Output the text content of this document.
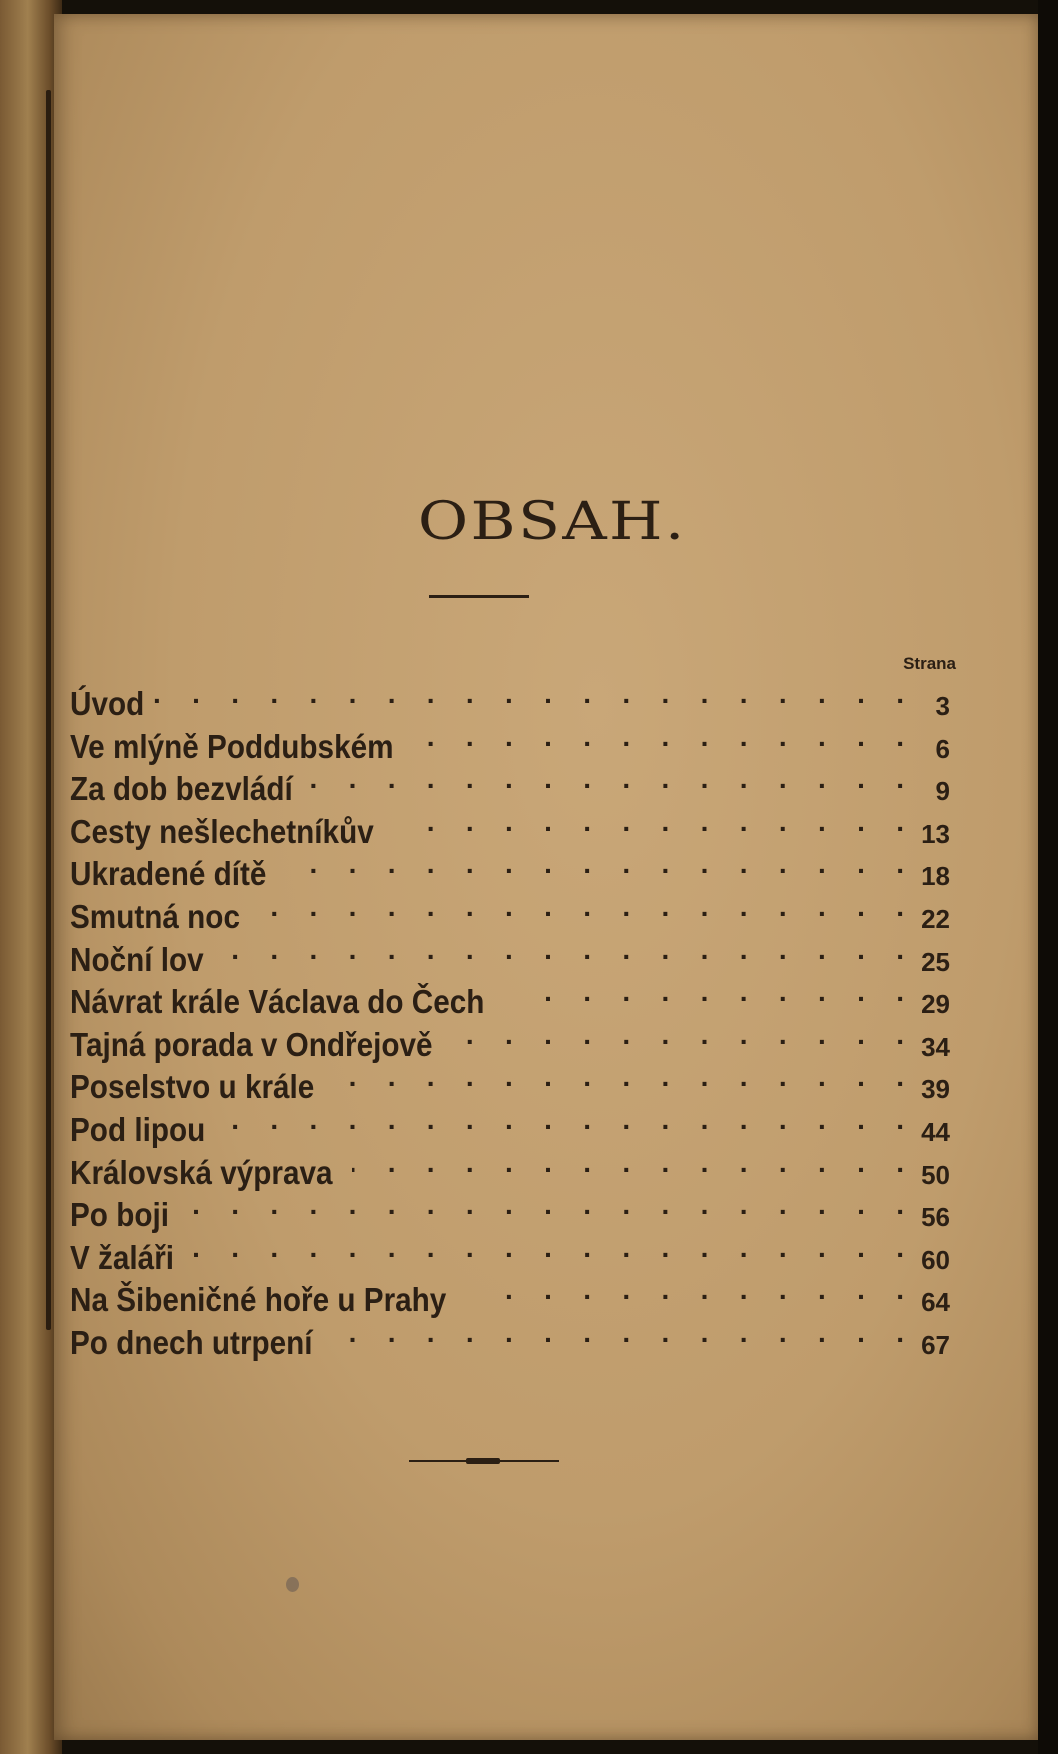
OBSAH.
Strana
Úvod . .	3
Ve mlýně Poddubském . .	6
Za dob bezvládí . .	9
Cesty nešlechetníkův . .	13
Ukradené dítě . .	18
Smutná noc . .	22
Noční lov . .	25
Návrat krále Václava do Čech . .	29
Tajná porada v Ondřejově . .	34
Poselstvo u krále . .	39
Pod lipou . .	44
Královská výprava . .	50
Po boji . .	56
V žaláři . .	60
Na Šibeničné hoře u Prahy . .	64
Po dnech utrpení . .	67
